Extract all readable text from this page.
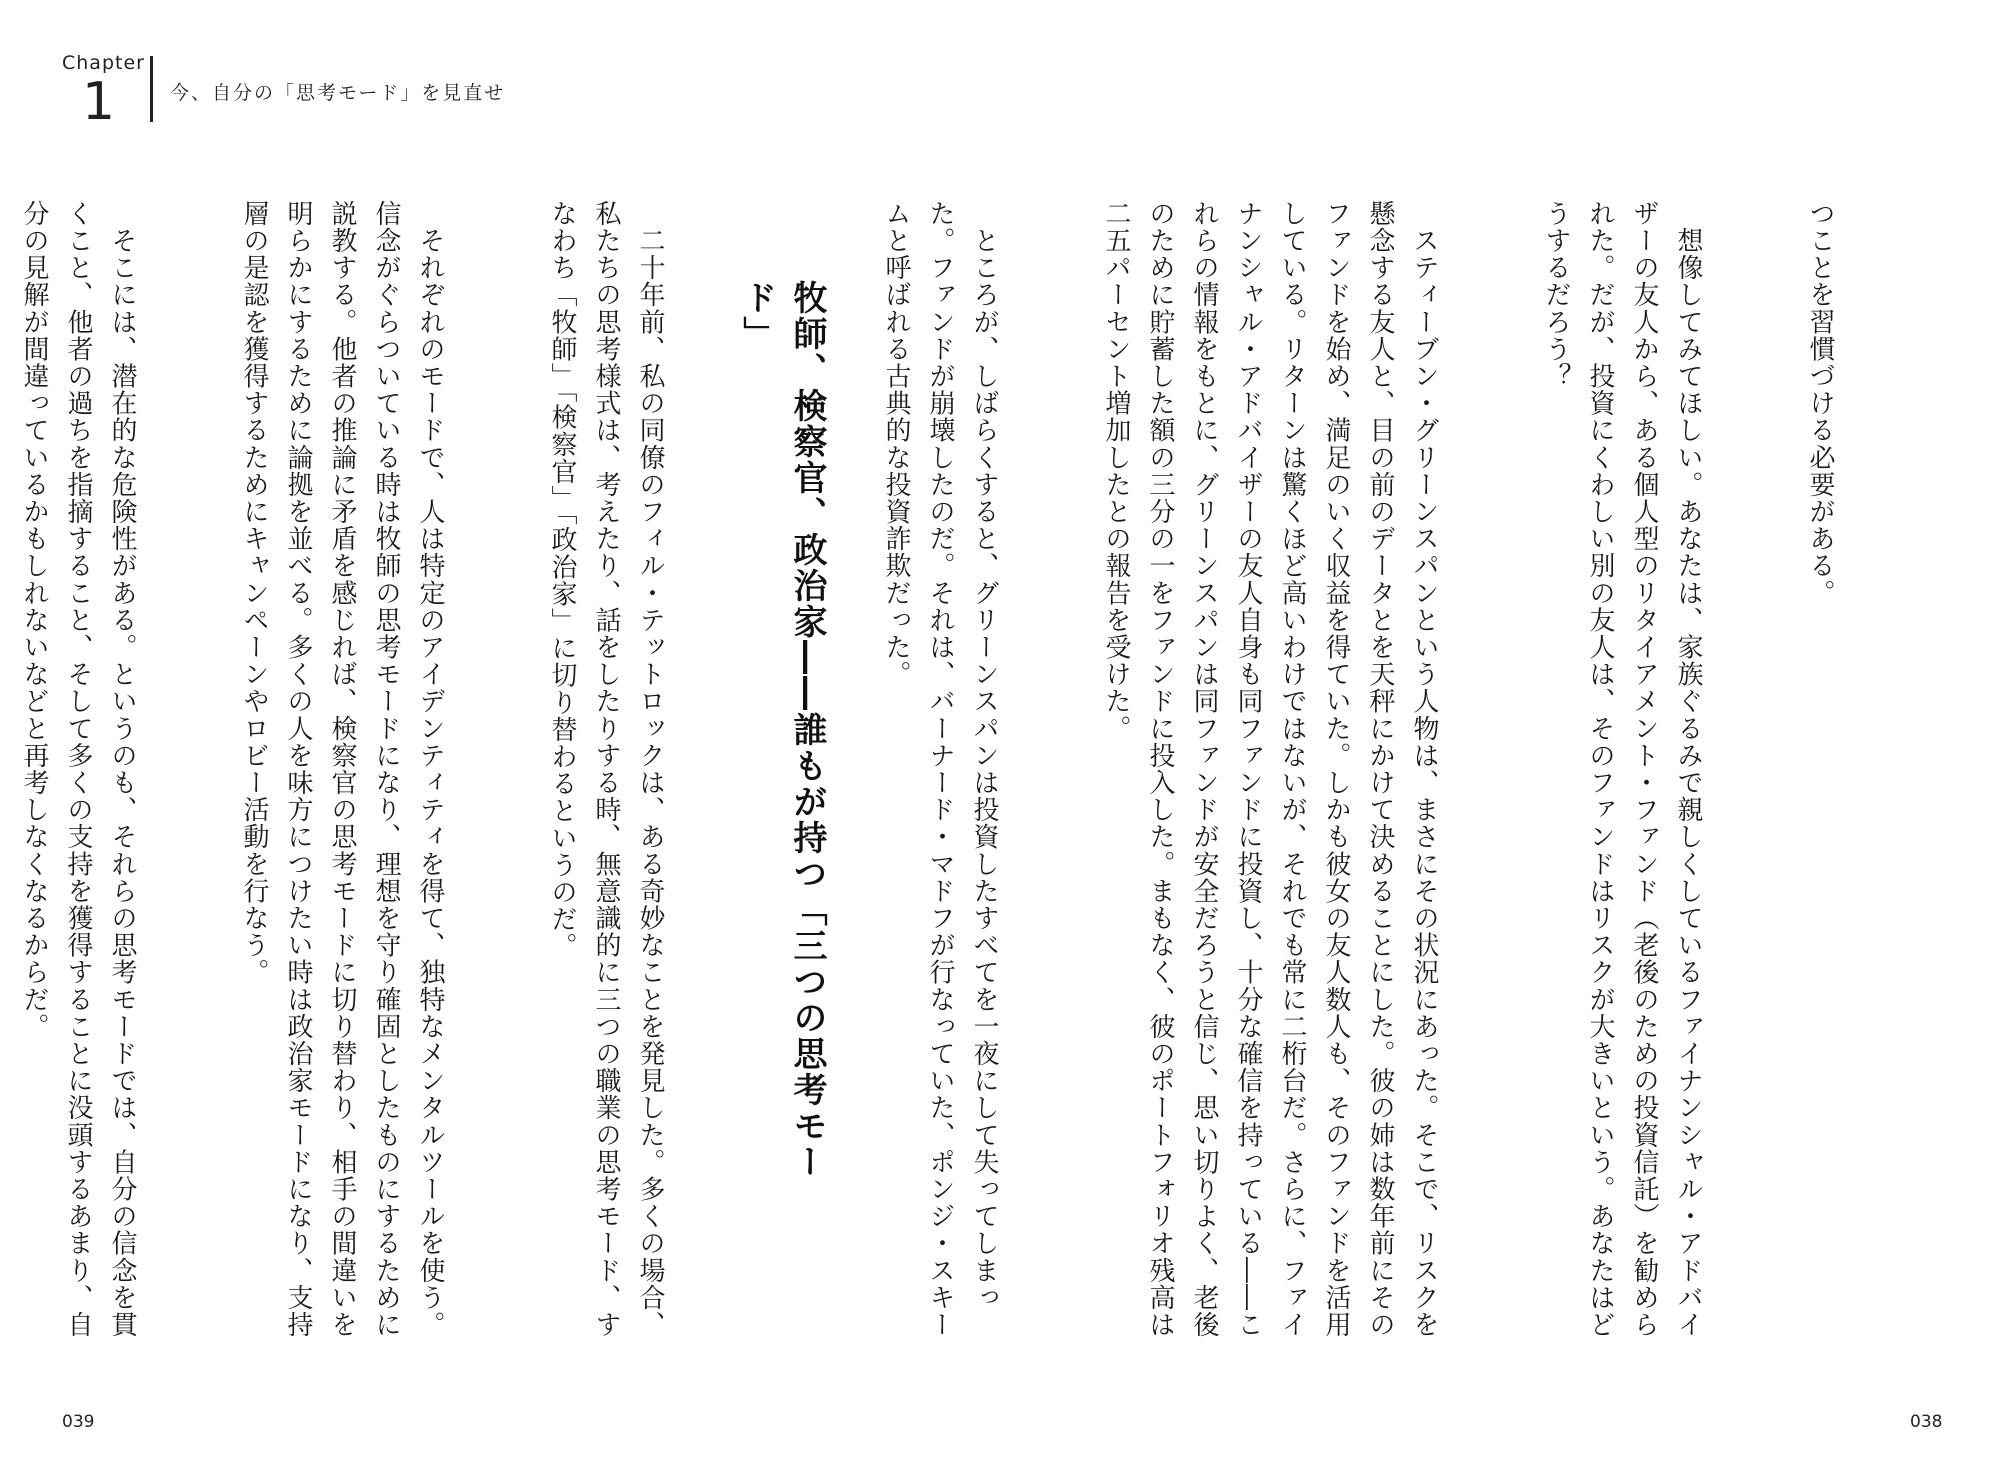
Chapter
1	今、自分の「思考モード」を見直せ

つことを習慣づける必要がある。

　想像してみてほしい。あなたは、家族ぐるみで親しくしているファイナンシャル・アドバイザーの友人から、ある個人型のリタイアメント・ファンド（老後のための投資信託）を勧められた。だが、投資にくわしい別の友人は、そのファンドはリスクが大きいという。あなたはどうするだろう？

　スティーブン・グリーンスパンという人物は、まさにその状況にあった。そこで、リスクを懸念する友人と、目の前のデータとを天秤にかけて決めることにした。彼の姉は数年前にそのファンドを始め、満足のいく収益を得ていた。しかも彼女の友人数人も、そのファンドを活用している。リターンは驚くほど高いわけではないが、それでも常に二桁台だ。さらに、ファイナンシャル・アドバイザーの友人自身も同ファンドに投資し、十分な確信を持っている――これらの情報をもとに、グリーンスパンは同ファンドが安全だろうと信じ、思い切りよく、老後のために貯蓄した額の三分の一をファンドに投入した。まもなく、彼のポートフォリオ残高は二五パーセント増加したとの報告を受けた。

　ところが、しばらくすると、グリーンスパンは投資したすべてを一夜にして失ってしまった。ファンドが崩壊したのだ。それは、バーナード・マドフが行なっていた、ポンジ・スキームと呼ばれる古典的な投資詐欺だった。

牧師、検察官、政治家――誰もが持つ「三つの思考モード」

　二十年前、私の同僚のフィル・テットロックは、ある奇妙なことを発見した。多くの場合、私たちの思考様式は、考えたり、話をしたりする時、無意識的に三つの職業の思考モード、すなわち「牧師」「検察官」「政治家」に切り替わるというのだ。

　それぞれのモードで、人は特定のアイデンティティを得て、独特なメンタルツールを使う。信念がぐらついている時は牧師の思考モードになり、理想を守り確固としたものにするために説教する。他者の推論に矛盾を感じれば、検察官の思考モードに切り替わり、相手の間違いを明らかにするために論拠を並べる。多くの人を味方につけたい時は政治家モードになり、支持層の是認を獲得するためにキャンペーンやロビー活動を行なう。

　そこには、潜在的な危険性がある。というのも、それらの思考モードでは、自分の信念を貫くこと、他者の過ちを指摘すること、そして多くの支持を獲得することに没頭するあまり、自分の見解が間違っているかもしれないなどと再考しなくなるからだ。

039	038
